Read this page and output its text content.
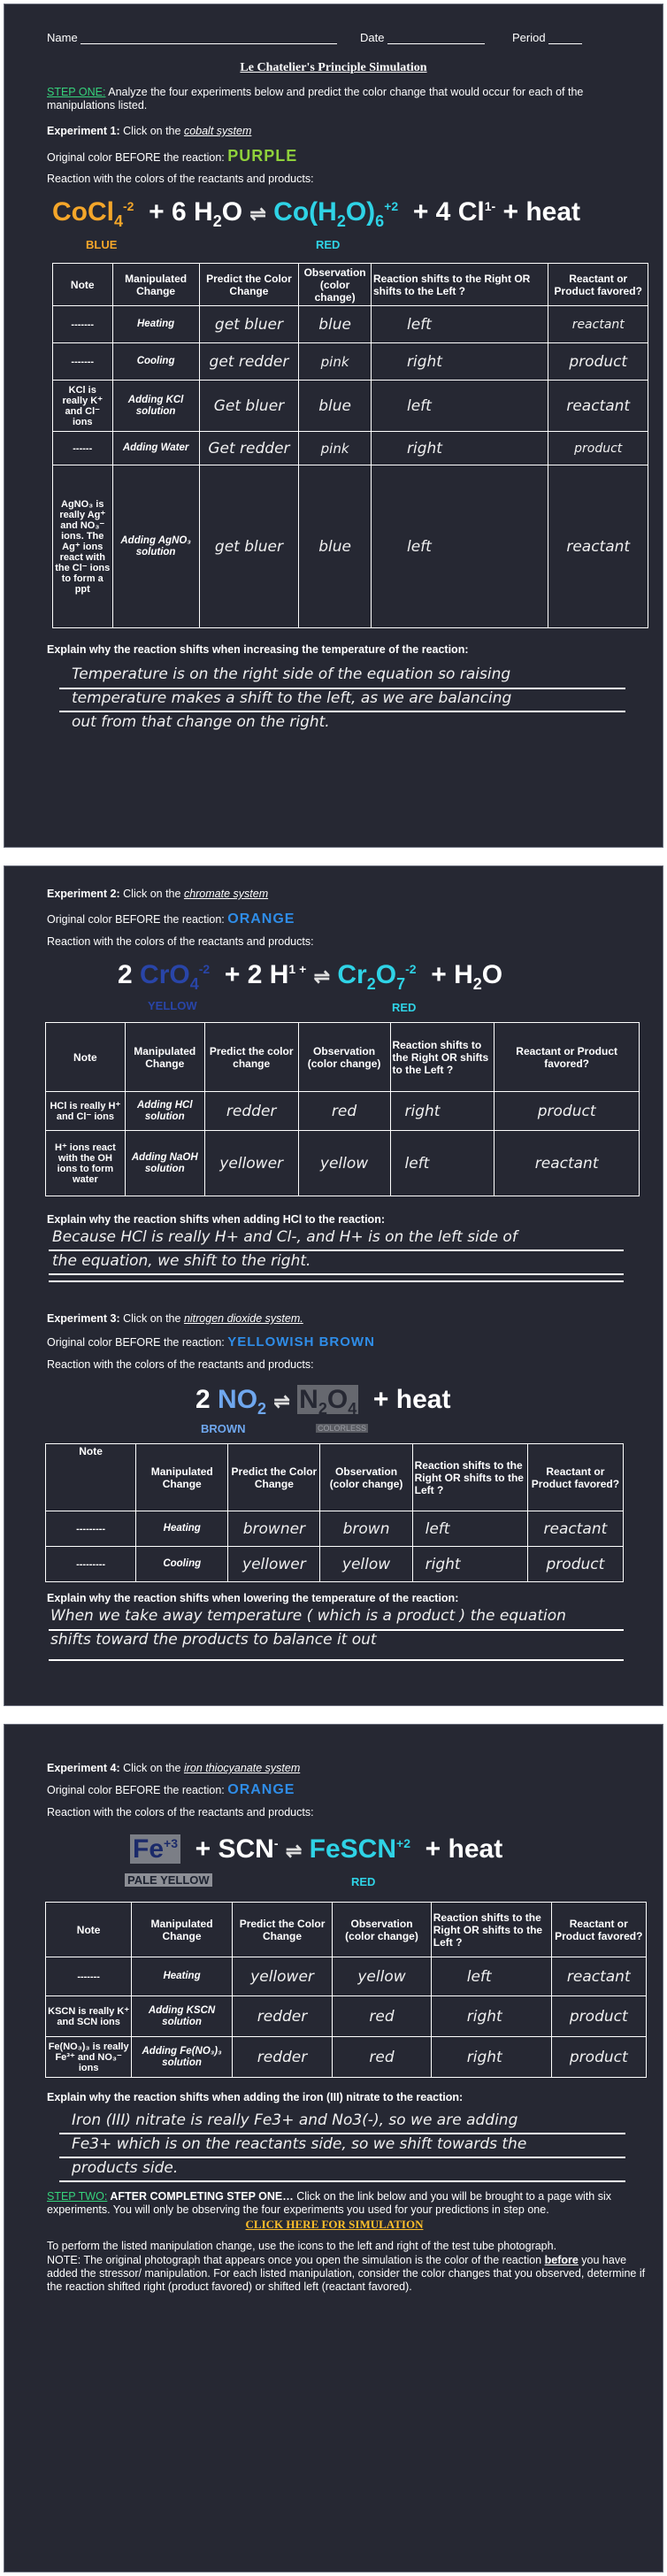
Name	Date	Period
Le Chatelier's Principle Simulation
STEP ONE: Analyze the four experiments below and predict the color change that would occur for each of the manipulations listed.
Experiment 1: Click on the cobalt system
Original color BEFORE the reaction: PURPLE
Reaction with the colors of the reactants and products:
CoCl$_4^{-2}$ + 6 $H_2O$ ⇌ $Co(H_2O)_6^{+2} + 4$ $Cl^{1-}$ + heat
BLUE	RED
Note	Manipulated Change	Predict the Color Change	Observation (color change)	Reaction shifts to the Right OR shifts to the Left ?	Reactant or Product favored?
-------	Heating	get bluer	blue	left	reactant
-------	Cooling	get redder	pink	right	product
KCl is really K⁺ and Cl⁻ ions	Adding KCl solution	Get bluer	blue	left	reactant
------	Adding Water	Get redder	pink	right	product
AgNO₃ is really Ag⁺ and NO₃⁻ ions. The Ag⁺ ions react with the Cl⁻ ions to form a ppt	Adding AgNO₃ solution	get bluer	blue	left	reactant
Explain why the reaction shifts when increasing the temperature of the reaction:
Temperature is on the right side of the equation so raising
temperature makes a shift to the left, as we are balancing
out from that change on the right.
Experiment 2: Click on the chromate system
Original color BEFORE the reaction: ORANGE
Reaction with the colors of the reactants and products:
2 CrO$_4^{-2}$ + 2 $H^{1 +}$ ⇌ $Cr_2O_7^{-2} + H_2O$
YELLOW	RED
Note	Manipulated Change	Predict the color change	Observation (color change)	Reaction shifts to the Right OR shifts to the Left ?	Reactant or Product favored?
HCl is really H⁺ and Cl⁻ ions	Adding HCl solution	redder	red	right	product
H⁺ ions react with the OH ions to form water	Adding NaOH solution	yellower	yellow	left	reactant
Explain why the reaction shifts when adding HCl to the reaction:
Because HCl is really H+ and Cl-, and H+ is on the left side of
the equation, we shift to the right.
Experiment 3: Click on the nitrogen dioxide system.
Original color BEFORE the reaction: YELLOWISH BROWN
Reaction with the colors of the reactants and products:
2 $NO_2$ ⇌ $N_2O_4$ + heat
BROWN	COLORLESS
Note	Manipulated Change	Predict the Color Change	Observation (color change)	Reaction shifts to the Right OR shifts to the Left ?	Reactant or Product favored?
---------	Heating	browner	brown	left	reactant
---------	Cooling	yellower	yellow	right	product
Explain why the reaction shifts when lowering the temperature of the reaction:
When we take away temperature ( which is a product ) the equation
shifts toward the products to balance it out
Experiment 4: Click on the iron thiocyanate system
Original color BEFORE the reaction: ORANGE
Reaction with the colors of the reactants and products:
$Fe^{+3} + SCN^-$ ⇌ FeSCN$^{+2}$ + heat
PALE YELLOW	RED
Note	Manipulated Change	Predict the Color Change	Observation (color change)	Reaction shifts to the Right OR shifts to the Left ?	Reactant or Product favored?
-------	Heating	yellower	yellow	left	reactant
KSCN is really K⁺ and SCN ions	Adding KSCN solution	redder	red	right	product
Fe(NO₃)₃ is really Fe³⁺ and NO₃⁻ ions	Adding Fe(NO₃)₃ solution	redder	red	right	product
Explain why the reaction shifts when adding the iron (III) nitrate to the reaction:
Iron (III) nitrate is really Fe3+ and No3(-), so we are adding
Fe3+ which is on the reactants side, so we shift towards the
products side.
STEP TWO: AFTER COMPLETING STEP ONE… Click on the link below and you will be brought to a page with six experiments. You will only be observing the four experiments you used for your predictions in step one.
CLICK HERE FOR SIMULATION
To perform the listed manipulation change, use the icons to the left and right of the test tube photograph.
NOTE: The original photograph that appears once you open the simulation is the color of the reaction before you have added the stressor/ manipulation. For each listed manipulation, consider the color changes that you observed, determine if the reaction shifted right (product favored) or shifted left (reactant favored).
